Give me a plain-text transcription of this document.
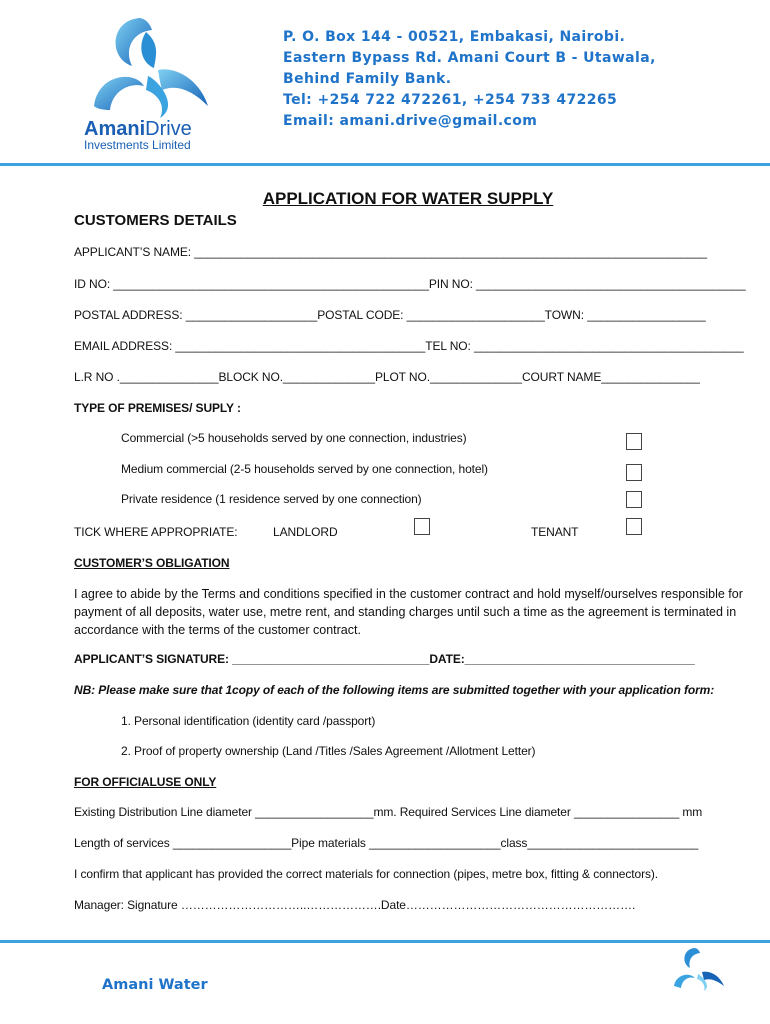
AmaniDrive
Investments Limited
P. O. Box 144 - 00521, Embakasi, Nairobi.
Eastern Bypass Rd. Amani Court B - Utawala,
Behind Family Bank.
Tel: +254 722 472261, +254 733 472265
Email: amani.drive@gmail.com
APPLICATION FOR WATER SUPPLY
CUSTOMERS DETAILS
APPLICANT’S NAME: ______________________________________________________________________________
ID NO: ________________________________________________PIN NO: _________________________________________
POSTAL ADDRESS: ____________________POSTAL CODE: _____________________TOWN: __________________
EMAIL ADDRESS: ______________________________________TEL NO: _________________________________________
L.R NO ._______________BLOCK NO.______________PLOT NO.______________COURT NAME_______________
TYPE OF PREMISES/ SUPLY :
Commercial (>5 households served by one connection, industries)
Medium commercial (2-5 households served by one connection, hotel)
Private residence (1 residence served by one connection)
TICK WHERE APPROPRIATE:	LANDLORD	TENANT
CUSTOMER’S OBLIGATION
I agree to abide by the Terms and conditions specified in the customer contract and hold myself/ourselves responsible for payment of all deposits, water use, metre rent, and standing charges until such a time as the agreement is terminated in accordance with the terms of the customer contract.
APPLICANT’S SIGNATURE: ______________________________DATE:___________________________________
NB: Please make sure that 1copy of each of the following items are submitted together with your application form:
1. Personal identification (identity card /passport)
2. Proof of property ownership (Land /Titles /Sales Agreement /Allotment Letter)
FOR OFFICIALUSE ONLY
Existing Distribution Line diameter __________________mm. Required Services Line diameter ________________ mm
Length of services __________________Pipe materials ____________________class__________________________
I confirm that applicant has provided the correct materials for connection (pipes, metre box, fitting & connectors).
Manager: Signature …………………………..……………….Date………………………………………………….
Amani Water
